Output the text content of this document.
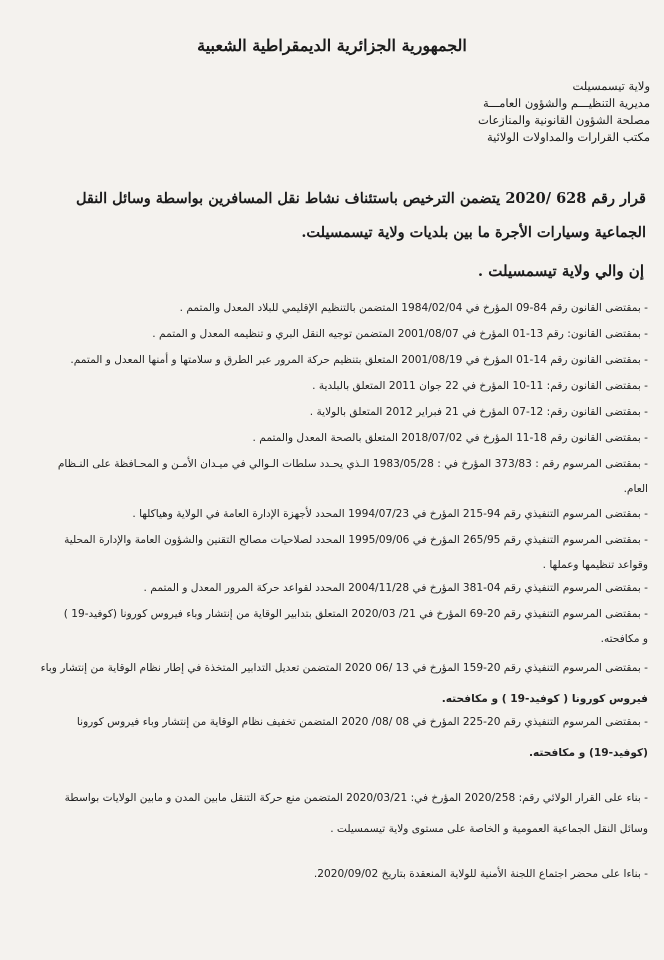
الجمهورية الجزائرية الديمقراطية الشعبية
ولاية تيسمسيلت
مديرية التنظيـــم والشؤون العامـــة
مصلحة الشؤون القانونية والمنازعات
مكتب القرارات والمداولات الولائية
قرار رقم 628 /2020 يتضمن الترخيص باستئناف نشاط نقل المسافرين بواسطة وسائل النقل
الجماعية وسيارات الأجرة ما بين بلديات ولاية تيسمسيلت.
إن والي ولاية تيسمسيلت .
- بمقتضى القانون رقم 84-09 المؤرخ في 1984/02/04 المتضمن بالتنظيم الإقليمي للبلاد المعدل والمتمم .
- بمقتضى القانون: رقم 13-01 المؤرخ في 2001/08/07 المتضمن توجيه النقل البري و تنظيمه المعدل و المتمم .
- بمقتضى القانون رقم 14-01 المؤرخ في 2001/08/19 المتعلق بتنظيم حركة المرور عبر الطرق و سلامتها و أمنها المعدل و المتمم.
- بمقتضى القانون رقم: 11-10 المؤرخ في 22 جوان 2011 المتعلق بالبلدية .
- بمقتضى القانون رقم: 12-07 المؤرخ في 21 فبراير 2012 المتعلق بالولاية .
- بمقتضى القانون رقم 18-11 المؤرخ في 2018/07/02 المتعلق بالصحة المعدل والمتمم .
- بمقتضى المرسوم رقم : 373/83 المؤرخ في : 1983/05/28 الـذي يحـدد سلطات الـوالي في ميـدان الأمـن و المحـافظة على النـظام
العام.
- بمقتضى المرسوم التنفيذي رقم 94-215 المؤرخ في 1994/07/23 المحدد لأجهزة الإدارة العامة في الولاية وهياكلها .
- بمقتضى المرسوم التنفيذي رقم 265/95 المؤرخ في 1995/09/06 المحدد لصلاحيات مصالح التقنين والشؤون العامة والإدارة المحلية
وقواعد تنظيمها وعملها .
- بمقتضى المرسوم التنفيذي رقم 04-381 المؤرخ في 2004/11/28 المحدد لقواعد حركة المرور المعدل و المتمم .
- بمقتضى المرسوم التنفيذي رقم 20-69 المؤرخ في 21/ 2020/03 المتعلق بتدابير الوقاية من إنتشار وباء فيروس كورونا (كوفيد-19 )
و مكافحته.
- بمقتضى المرسوم التنفيذي رقم 20-159 المؤرخ في 13 /06 2020 المتضمن تعديل التدابير المتخذة في إطار نظام الوقاية من إنتشار وباء
فيروس كورونا ( كوفيد-19 ) و مكافحته.
- بمقتضى المرسوم التنفيذي رقم 20-225 المؤرخ في 08 /08/ 2020 المتضمن تخفيف نظام الوقاية من إنتشار وباء فيروس كورونا
(كوفيد-19) و مكافحته.
- بناء على القرار الولائي رقم: 2020/258 المؤرخ في: 2020/03/21 المتضمن منع حركة التنقل مابين المدن و مابين الولايات بواسطة
وسائل النقل الجماعية العمومية و الخاصة على مستوى ولاية تيسمسيلت .
- بناءا على محضر اجتماع اللجنة الأمنية للولاية المنعقدة بتاريخ 2020/09/02.
